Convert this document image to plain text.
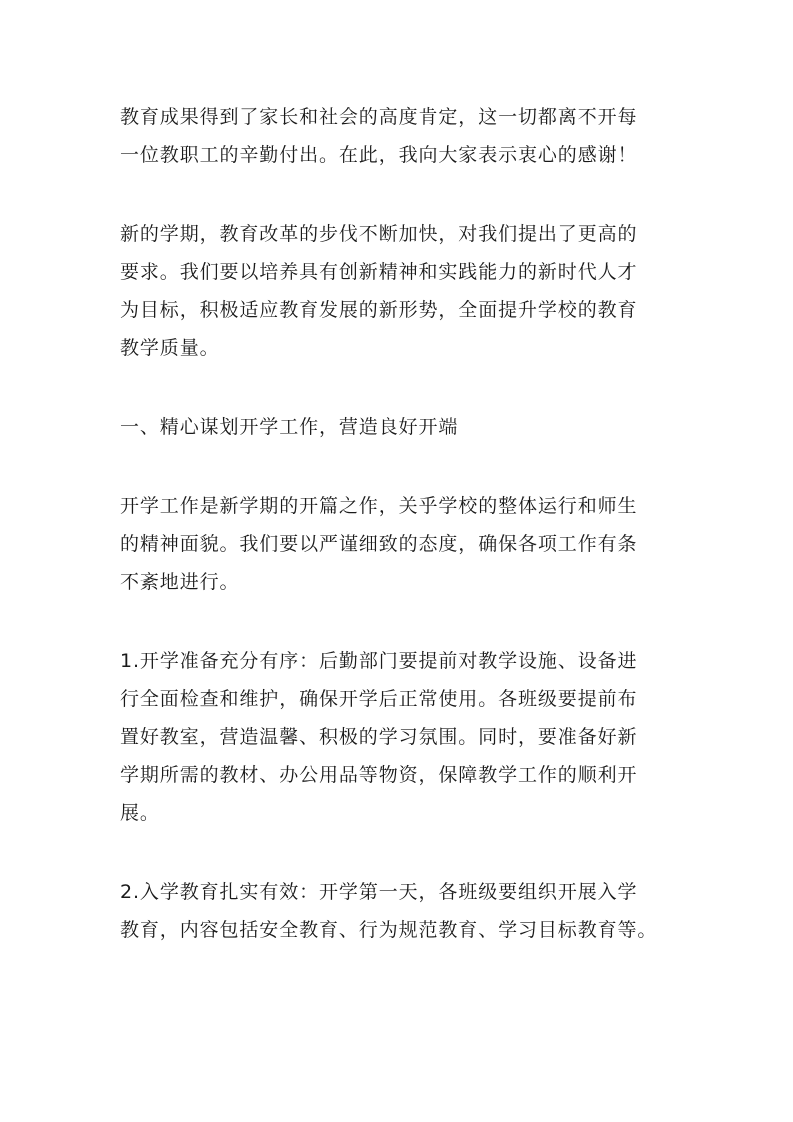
教育成果得到了家长和社会的高度肯定，这一切都离不开每
一位教职工的辛勤付出。在此，我向大家表示衷心的感谢！

新的学期，教育改革的步伐不断加快，对我们提出了更高的
要求。我们要以培养具有创新精神和实践能力的新时代人才
为目标，积极适应教育发展的新形势，全面提升学校的教育
教学质量。

一、精心谋划开学工作，营造良好开端

开学工作是新学期的开篇之作，关乎学校的整体运行和师生
的精神面貌。我们要以严谨细致的态度，确保各项工作有条
不紊地进行。

1.开学准备充分有序：后勤部门要提前对教学设施、设备进
行全面检查和维护，确保开学后正常使用。各班级要提前布
置好教室，营造温馨、积极的学习氛围。同时，要准备好新
学期所需的教材、办公用品等物资，保障教学工作的顺利开
展。

2.入学教育扎实有效：开学第一天，各班级要组织开展入学
教育，内容包括安全教育、行为规范教育、学习目标教育等。
